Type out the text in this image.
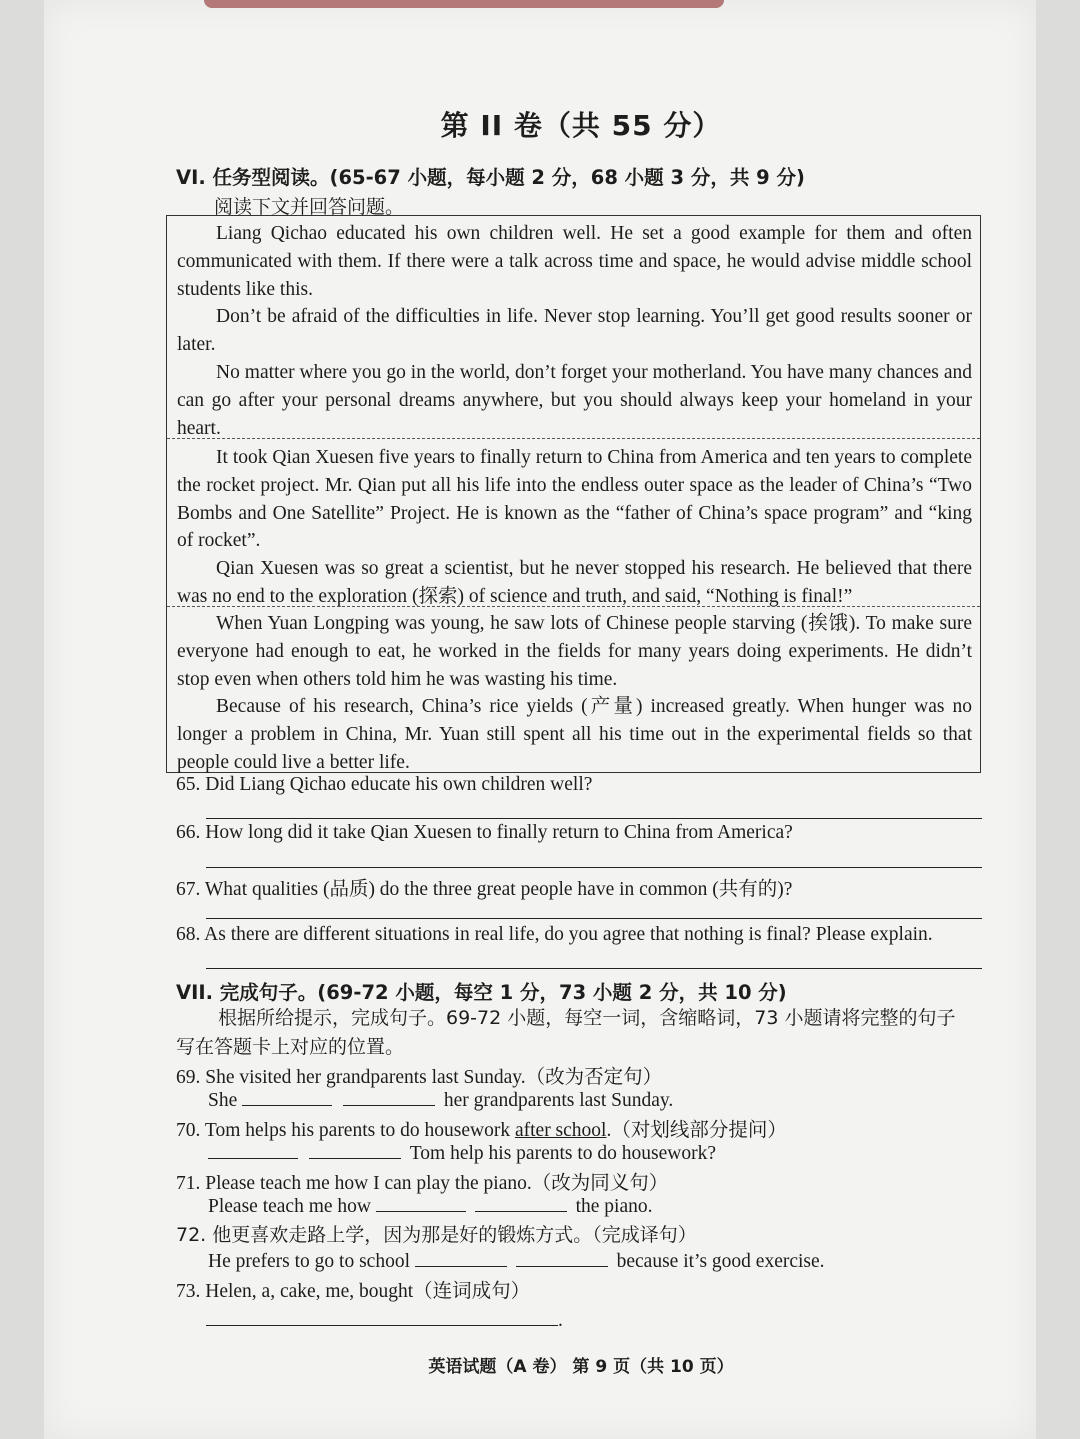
第 II 卷（共 55 分）
VI. 任务型阅读。(65-67 小题，每小题 2 分，68 小题 3 分，共 9 分)
阅读下文并回答问题。
Liang Qichao educated his own children well. He set a good example for them and often communicated with them. If there were a talk across time and space, he would advise middle school students like this.
Don’t be afraid of the difficulties in life. Never stop learning. You’ll get good results sooner or later.
No matter where you go in the world, don’t forget your motherland. You have many chances and can go after your personal dreams anywhere, but you should always keep your homeland in your heart.
It took Qian Xuesen five years to finally return to China from America and ten years to complete the rocket project. Mr. Qian put all his life into the endless outer space as the leader of China’s “Two Bombs and One Satellite” Project. He is known as the “father of China’s space program” and “king of rocket”.
Qian Xuesen was so great a scientist, but he never stopped his research. He believed that there was no end to the exploration (探索) of science and truth, and said, “Nothing is final!”
When Yuan Longping was young, he saw lots of Chinese people starving (挨饿). To make sure everyone had enough to eat, he worked in the fields for many years doing experiments. He didn’t stop even when others told him he was wasting his time.
Because of his research, China’s rice yields (产量) increased greatly. When hunger was no longer a problem in China, Mr. Yuan still spent all his time out in the experimental fields so that people could live a better life.
65. Did Liang Qichao educate his own children well?
66. How long did it take Qian Xuesen to finally return to China from America?
67. What qualities (品质) do the three great people have in common (共有的)?
68. As there are different situations in real life, do you agree that nothing is final? Please explain.
VII. 完成句子。(69-72 小题，每空 1 分，73 小题 2 分，共 10 分)
根据所给提示，完成句子。69-72 小题，每空一词，含缩略词，73 小题请将完整的句子
写在答题卡上对应的位置。
69. She visited her grandparents last Sunday.（改为否定句）
She	her grandparents last Sunday.
70. Tom helps his parents to do housework after school.（对划线部分提问）
Tom help his parents to do housework?
71. Please teach me how I can play the piano.（改为同义句）
Please teach me how	the piano.
72. 他更喜欢走路上学，因为那是好的锻炼方式。（完成译句）
He prefers to go to school	because it’s good exercise.
73. Helen, a, cake, me, bought（连词成句）
.
英语试题（A 卷） 第 9 页（共 10 页）
